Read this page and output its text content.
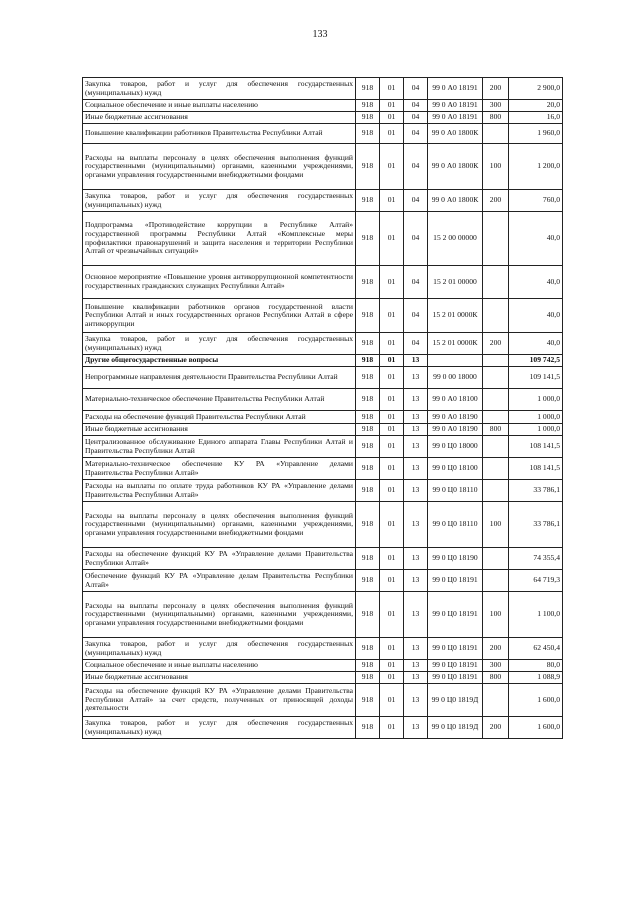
133
Закупка товаров, работ и услуг для обеспечения государственных (муниципальных) нужд	918	01	04	99 0 А0 18191	200	2 900,0
Социальное обеспечение и иные выплаты населению	918	01	04	99 0 А0 18191	300	20,0
Иные бюджетные ассигнования	918	01	04	99 0 А0 18191	800	16,0
Повышение квалификации работников Правительства Республики Алтай	918	01	04	99 0 А0 1800К		1 960,0
Расходы на выплаты персоналу в целях обеспечения выполнения функций государственными (муниципальными) органами, казенными учреждениями, органами управления государственными внебюджетными фондами	918	01	04	99 0 А0 1800К	100	1 200,0
Закупка товаров, работ и услуг для обеспечения государственных (муниципальных) нужд	918	01	04	99 0 А0 1800К	200	760,0
Подпрограмма «Противодействие коррупции в Республике Алтай» государственной программы Республики Алтай «Комплексные меры профилактики правонарушений и защита населения и территории Республики Алтай от чрезвычайных ситуаций»	918	01	04	15 2 00 00000		40,0
Основное мероприятие «Повышение уровня антикоррупционной компетентности государственных гражданских служащих Республики Алтай»	918	01	04	15 2 01 00000		40,0
Повышение квалификации работников органов государственной власти Республики Алтай и иных государственных органов Республики Алтай в сфере антикоррупции	918	01	04	15 2 01 0000К		40,0
Закупка товаров, работ и услуг для обеспечения государственных (муниципальных) нужд	918	01	04	15 2 01 0000К	200	40,0
Другие общегосударственные вопросы	918	01	13			109 742,5
Непрограммные направления деятельности Правительства Республики Алтай	918	01	13	99 0 00 18000		109 141,5
Материально-техническое обеспечение Правительства Республики Алтай	918	01	13	99 0 А0 18100		1 000,0
Расходы на обеспечение функций Правительства Республики Алтай	918	01	13	99 0 А0 18190		1 000,0
Иные бюджетные ассигнования	918	01	13	99 0 А0 18190	800	1 000,0
Централизованное обслуживание Единого аппарата Главы Республики Алтай и Правительства Республики Алтай	918	01	13	99 0 Ц0 18000		108 141,5
Материально-техническое обеспечение КУ РА «Управление делами Правительства Республики Алтай»	918	01	13	99 0 Ц0 18100		108 141,5
Расходы на выплаты по оплате труда работников КУ РА «Управление делами Правительства Республики Алтай»	918	01	13	99 0 Ц0 18110		33 786,1
Расходы на выплаты персоналу в целях обеспечения выполнения функций государственными (муниципальными) органами, казенными учреждениями, органами управления государственными внебюджетными фондами	918	01	13	99 0 Ц0 18110	100	33 786,1
Расходы на обеспечение функций КУ РА «Управление делами Правительства Республики Алтай»	918	01	13	99 0 Ц0 18190		74 355,4
Обеспечение функций КУ РА «Управление делам Правительства Республики Алтай»	918	01	13	99 0 Ц0 18191		64 719,3
Расходы на выплаты персоналу в целях обеспечения выполнения функций государственными (муниципальными) органами, казенными учреждениями, органами управления государственными внебюджетными фондами	918	01	13	99 0 Ц0 18191	100	1 100,0
Закупка товаров, работ и услуг для обеспечения государственных (муниципальных) нужд	918	01	13	99 0 Ц0 18191	200	62 450,4
Социальное обеспечение и иные выплаты населению	918	01	13	99 0 Ц0 18191	300	80,0
Иные бюджетные ассигнования	918	01	13	99 0 Ц0 18191	800	1 088,9
Расходы на обеспечение функций КУ РА «Управление делами Правительства Республики Алтай» за счет средств, полученных от приносящей доходы деятельности	918	01	13	99 0 Ц0 1819Д		1 600,0
Закупка товаров, работ и услуг для обеспечения государственных (муниципальных) нужд	918	01	13	99 0 Ц0 1819Д	200	1 600,0
